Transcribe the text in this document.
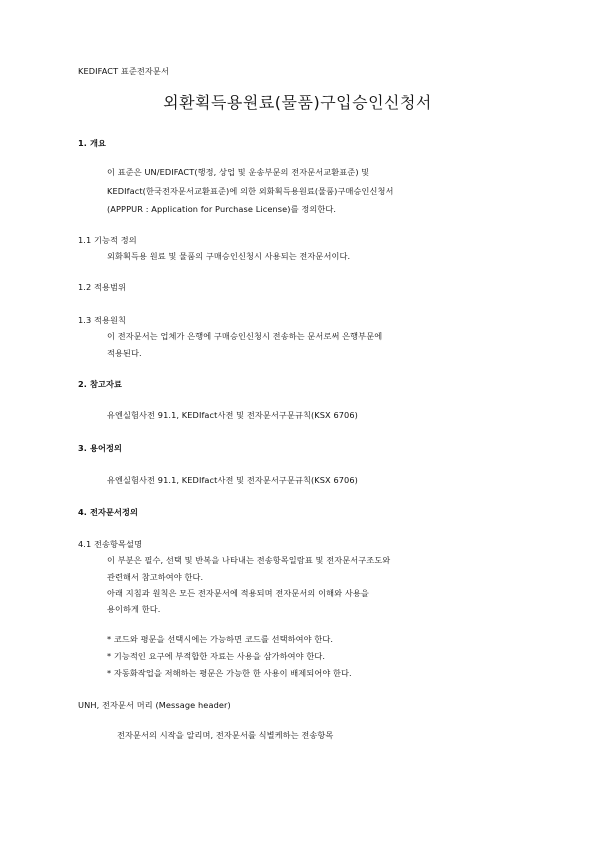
KEDIFACT 표준전자문서
외환획득용원료(물품)구입승인신청서
1. 개요
이 표준은 UN/EDIFACT(행정, 상업 및 운송부문의 전자문서교환표준) 및
KEDIfact(한국전자문서교환표준)에 의한 외화획득용원료(물품)구매승인신청서
(APPPUR : Application for Purchase License)를 정의한다.
1.1 기능적 정의
외화획득용 원료 및 물품의 구매승인신청시 사용되는 전자문서이다.
1.2 적용범위
1.3 적용원칙
이 전자문서는 업체가 은행에 구매승인신청시 전송하는 문서로써 은행부문에
적용된다.
2. 참고자료
유엔실험사전 91.1, KEDIfact사전 및 전자문서구문규칙(KSX 6706)
3. 용어정의
유엔실험사전 91.1, KEDIfact사전 및 전자문서구문규칙(KSX 6706)
4. 전자문서정의
4.1 전송항목설명
이 부분은 필수, 선택 및 반복을 나타내는 전송항목일람표 및 전자문서구조도와
관련해서 참고하여야 한다.
아래 지침과 원칙은 모든 전자문서에 적용되며 전자문서의 이해와 사용을
용이하게 한다.
* 코드와 평문을 선택시에는 가능하면 코드를 선택하여야 한다.
* 기능적인 요구에 부적합한 자료는 사용을 삼가하여야 한다.
* 자동화작업을 저해하는 평문은 가능한 한 사용이 배제되어야 한다.
UNH, 전자문서 머리 (Message header)
전자문서의 시작을 알리며, 전자문서를 식별케하는 전송항목
